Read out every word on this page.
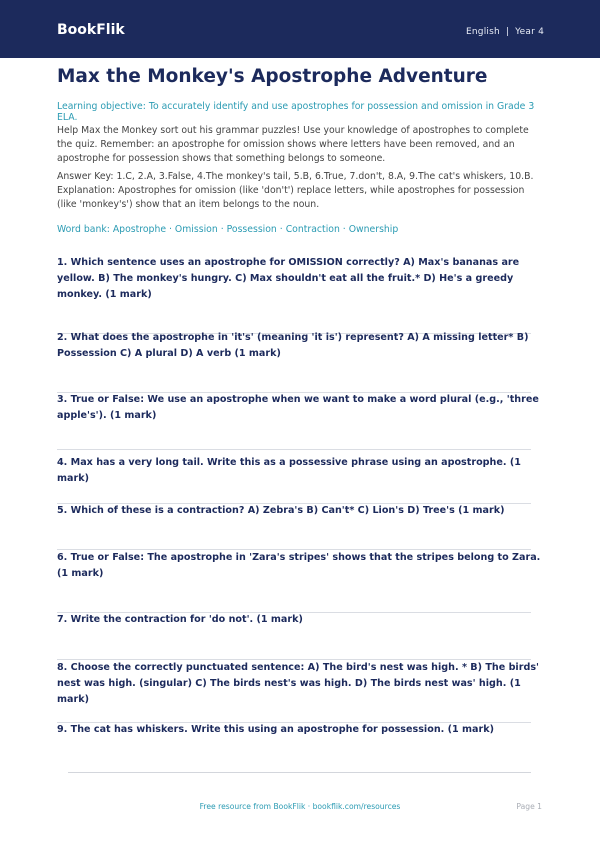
BookFlik	English | Year 4
Max the Monkey's Apostrophe Adventure

Learning objective: To accurately identify and use apostrophes for possession and omission in Grade 3 ELA.

Help Max the Monkey sort out his grammar puzzles! Use your knowledge of apostrophes to complete the quiz. Remember: an apostrophe for omission shows where letters have been removed, and an apostrophe for possession shows that something belongs to someone.

Answer Key: 1.C, 2.A, 3.False, 4.The monkey's tail, 5.B, 6.True, 7.don't, 8.A, 9.The cat's whiskers, 10.B. Explanation: Apostrophes for omission (like 'don't') replace letters, while apostrophes for possession (like 'monkey's') show that an item belongs to the noun.

Word bank: Apostrophe · Omission · Possession · Contraction · Ownership

1. Which sentence uses an apostrophe for OMISSION correctly? A) Max's bananas are yellow. B) The monkey's hungry. C) Max shouldn't eat all the fruit.* D) He's a greedy monkey. (1 mark)

2. What does the apostrophe in 'it's' (meaning 'it is') represent? A) A missing letter* B) Possession C) A plural D) A verb (1 mark)

3. True or False: We use an apostrophe when we want to make a word plural (e.g., 'three apple's'). (1 mark)

4. Max has a very long tail. Write this as a possessive phrase using an apostrophe. (1 mark)

5. Which of these is a contraction? A) Zebra's B) Can't* C) Lion's D) Tree's (1 mark)

6. True or False: The apostrophe in 'Zara's stripes' shows that the stripes belong to Zara. (1 mark)

7. Write the contraction for 'do not'. (1 mark)

8. Choose the correctly punctuated sentence: A) The bird's nest was high. * B) The birds' nest was high. (singular) C) The birds nest's was high. D) The birds nest was' high. (1 mark)

9. The cat has whiskers. Write this using an apostrophe for possession. (1 mark)

Free resource from BookFlik · bookflik.com/resources	Page 1
